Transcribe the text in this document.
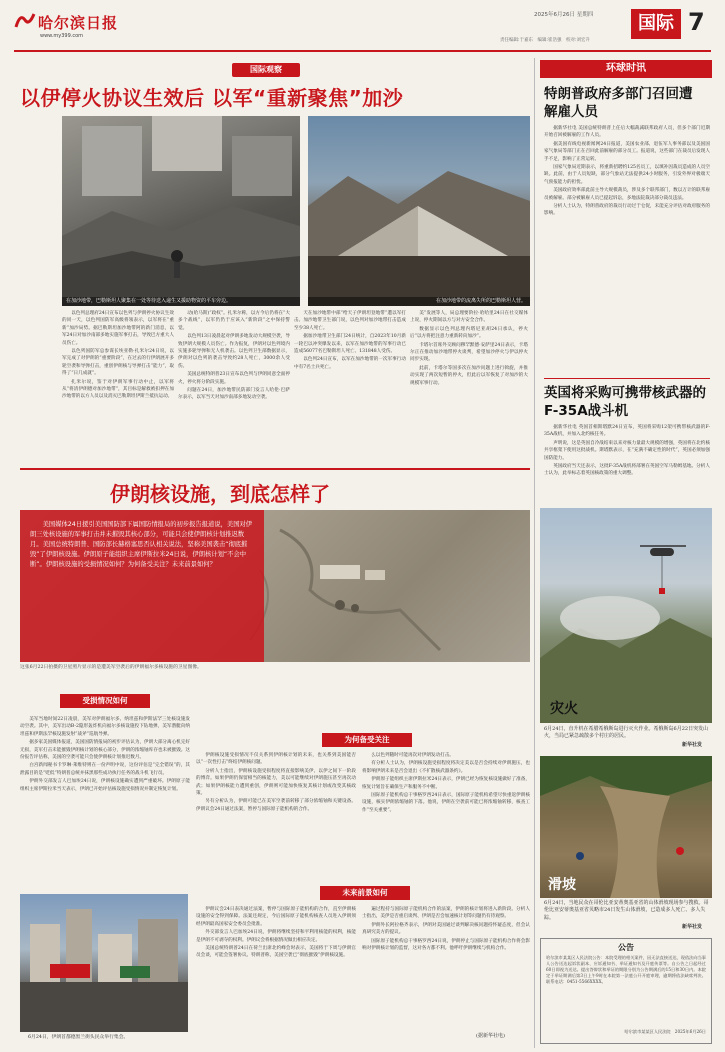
哈尔滨日报
www.my399.com
2025年6月26日 星期四
责任编辑:于嘉东　编辑:崔浩强　校对:刘宏升
国际 7
国际观察
以伊停火协议生效后 以军“重新聚焦”加沙
在加沙地带，巴勒斯坦人聚集在一处等待送入递生又援助物资的平车旁边。	在加沙地带的流离失所的巴勒斯坦人营。

以色列总理府24日宣布以色列与伊朗停火协议生效的同一天，以色列国防军高级将领表示，以军将在“重新”加沙局势。据巴勒斯坦加沙地带阿的新门消息，以军24日对加沙南部多地实施军事打击，导致巴方重大人员伤亡。

以色列国防军总参谋长埃亚勒·扎米尔24日说，以军完成了对伊朗的“重要阶段”，在过去的行伊朗展开多轮空袭和导弹打击，重创伊朗核与导弹打击“能力”，取得了“日几成就”。

扎米尔说，鉴于对伊朗军事行动中止，以军将从“将清伊朗德对加沙地带”，其目标是解救被扣押在加沙地带的以方人员以及消灭巴勒斯坦伊斯兰抵抗运动。

动(哈马斯)“政权”。扎米尔称，以方今后仍将在“大多个战线”，以军仍仍于应该入“新阶段”之中保持警觉。

以色列13日凌晨起对伊朗多地发动大规模空袭，导致伊朗大规模人员伤亡。作为报复，伊朗对以色列境内实施多轮导弹和无人机袭击。以色列卫生部数据显示，伊朗对以色列的袭击导致约28人死亡，3000余人受伤。

美国总统特朗普23日宣布以色列与伊朗同意全面停火，停火将分阶段实施。

问题在24日，加沙地带民防部门发言人哈伦·巴萨尔表示，以军当天对加沙南部多地发动空袭。

天在加沙地带中部“给天子伊朗坦登地带”遭以军打击。加沙地带卫生部门说，以色列对加沙地带打击造成至少38人死亡。

据加沙地带卫生部门24日统计，自2023年10月新一轮巴以冲突爆发以来，以军在加沙地带的军事行动已造成56077名巴勒斯坦人死亡、131848人受伤。

以色列24日宣布，以军在加沙地带的一次军事行动中有7名士兵死亡。

美”发展等人，局总理要阶拉·哈哈里24日在社交媒体上说，停火期间以方与对方安全合作。

数据显示以色列总理内塔尼亚胡24日承认，停火后“以方将把注意力重新转向加沙”。

卡塔尔首席外交顾问穆罕默德·安萨里24日表示，卡塔尔正在推动加沙地带停火谈判，希望加沙停火与伊以停火同步实现。

此前，卡塔尔等国多次在加沙问题上进行斡旋，并推动实现了两次短暂的停火，但此后以军恢复了对加沙的大规模军事行动。

伊朗核设施，到底怎样了
美国媒体24日援引美国国防部下属国防情报局的初步报告报道说，美国对伊朗三处核设施的军事打击并未摧毁其核心部分，可能只会使伊朗核计划推迟数月。美国总统特朗普、国防部长赫格塞思否认相关说法，坚称美国袭击“彻底摧毁”了伊朗核设施。伊朗原子能组织主席伊斯拉米24日说，伊朗核计划“不会中断”。伊朗核设施的受损情况如何？为何备受关注？未来前景如何？
这张6月22日拍摄的卫星照片显示的是遭美军空袭后的伊朗福尔多核设施的卫星图像。
受损情况如何

美军当地时间22日凌晨，美军对伊朗福尔多、纳坦兹和伊斯法罕三处核设施发动空袭。其中，美军出动B-2隐形轰炸机向福尔多核设施投下钻地弹，美军潜艇向纳坦兹和伊斯法罕核设施发射“战斧”巡航导弹。

据多家美国媒体报道，美国国防情报局的初步评估认为，伊朗大部分离心机完好无损，美军打击未能摧毁伊朗核计划的核心部分，伊朗的浓缩铀库存也未被摧毁。这份报告评估称，美国的空袭可能只会使伊朗核计划推迟数月。

白宫新闻秘书卡罗琳·莱维特则在一份声明中说，这份评估是“完全错误”的，其泄露目的是“贬低”特朗普总统并抹黑那些成功执行任务的战斗机飞行员。

伊朗外交部发言人巴加埃24日说，伊朗核设施确实遭到严重破坏。伊朗原子能组织主席伊斯拉米当天表示，伊朗已开始评估核设施受损情况并制定恢复计划。

为何备受关注

伊朗核设施受损情况不仅关系到伊朗核计划的未来，也关系到美国能否以“一次性打击”终结伊朗核问题。

分析人士指出，伊朗核设施受损程度将直接影响美伊、以伊之间下一阶段的博弈。如果伊朗仍保留相当的核能力，美以可能继续对伊朗施压甚至再次动武；如果伊朗核能力遭到重创，伊朗则可能加快恢复其核计划或改变其核政策。

另有分析认为，伊朗可能已在美军空袭前转移了部分浓缩铀和关键设备。伊朗议会24日通过法案，暂停与国际原子能机构的合作。

么以色列随时可能再次对伊朗发动打击。

有分析人士认为，伊朗核设施受损程度将决定美以是否会持续对伊朗施压，也将影响伊朗未来是否会退出《不扩散核武器条约》。

伊朗原子能组织主席伊斯拉米24日表示，伊朗已经为恢复核设施做好了准备，恢复计划旨在确保生产和服务不中断。

国际原子能机构总干事格罗西24日表示，国际原子能机构希望尽快重返伊朗核设施，核实伊朗浓缩铀的下落。他说，伊朗在空袭前可能已将浓缩铀转移，核查工作“至关重要”。

6月24日，伊朗首都德黑兰街头民众举行集会。
未来前景如何

伊朗议会24日表决通过法案，暂停与国际原子能机构的合作，直至伊朗核设施的安全得到保障。法案还规定，今后国际原子能机构核查人员进入伊朗须经伊朗最高国家安全委员会批准。

外交部发言人巴加埃24日说，伊朗将继续坚持和平利用核能的权利，核能是伊朗不可剥夺的权利。伊朗议会将根据情况做出相应决定。

美国总统特朗普24日在荷兰出席北约峰会时表示，美国将于下周与伊朗官员会谈，可能会签署协议。特朗普称，美国空袭已“彻底摧毁”伊朗核设施。

遍过程持与国际原子能机构合作的法案，伊朗的核计划将进入新阶段。分析人士指出，美伊是否重启谈判、伊朗是否会加速核计划等问题仍有待观察。

伊朗外长阿拉格齐表示，伊朗对美国通过谈判解决核问题持怀疑态度，但会认真研究美方的提议。

国际原子能机构总干事格罗西24日说，伊朗停止与国际原子能机构合作将会影响对伊朗核计划的监督，这对各方都不利。他呼吁伊朗继续与机构合作。

(据新华社电)
环球时讯
特朗普政府多部门召回遭解雇人员

据新华社电 美国总统特朗普上任后大幅裁减联邦政府人员，但多个部门近期开始召回被解雇的工作人员。

据美国有线电视新闻网24日报道，美国农业部、退伍军人事务部以及美国国家气象局等部门正在召回此前解雇的部分员工。报道说，这些部门在裁员后发现人手不足，影响了正常运转。

国家气象局近期表示，将重新招聘约125名员工，以填补因裁员造成的人员空缺。此前，由于人员短缺，部分气象站无法提供24小时服务，引发外界对极端天气预报能力的担忧。

美国政府效率部此前主导大规模裁员，涉及多个联邦部门，数以万计的联邦雇员被解雇。部分被解雇人员已提起诉讼，多地法院裁决部分裁员违法。

分析人士认为，特朗普政府的裁员行动过于仓促，未能充分评估对政府服务的影响。

英国将采购可携带核武器的F-35A战斗机

据新华社电 英国首相斯塔默24日宣布，英国将采购12架可携带核武器的F-35A战机，并加入北约核任务。

声明说，这是英国自冷战结束以来对核力量最大规模的增强，英国将在北约核共享框架下使用这批战机。斯塔默表示，在“充满不确定性的时代”，英国必须加强国防能力。

英国政府当天还表示，这批F-35A战机将部署在英国空军马勒姆基地。分析人士认为，此举标志着英国核政策的重大调整。

灾火
6月24日，直升机在希腊希俄斯岛进行灭火作业。希俄斯岛6月22日突发山火，当局已紧急疏散多个村庄的居民。
新华社发
滑坡
6月24日，当地民众在哥伦比亚安蒂奥基亚省的山体滑坡现场参与搜救。哥伦比亚安蒂奥基亚省贝略市24日发生山体滑坡，已造成多人死亡、多人失踪。
新华社发
公告
哈尔滨市某某区人民法院公告：本院受理的相关案件，因无法直接送达，现依法向当事人公告送达起诉状副本、应诉通知书、举证通知书及开庭传票等。自公告之日起经过60日即视为送达。提出答辩状和举证的期限分别为公告期满后的15日和30日内。本院定于举证期满后第3日上午9时在本院第一法庭公开开庭审理，逾期将依法缺席判决。联系电话：0451-5566XXXX。
哈尔滨市某某区人民法院　2025年6月26日
